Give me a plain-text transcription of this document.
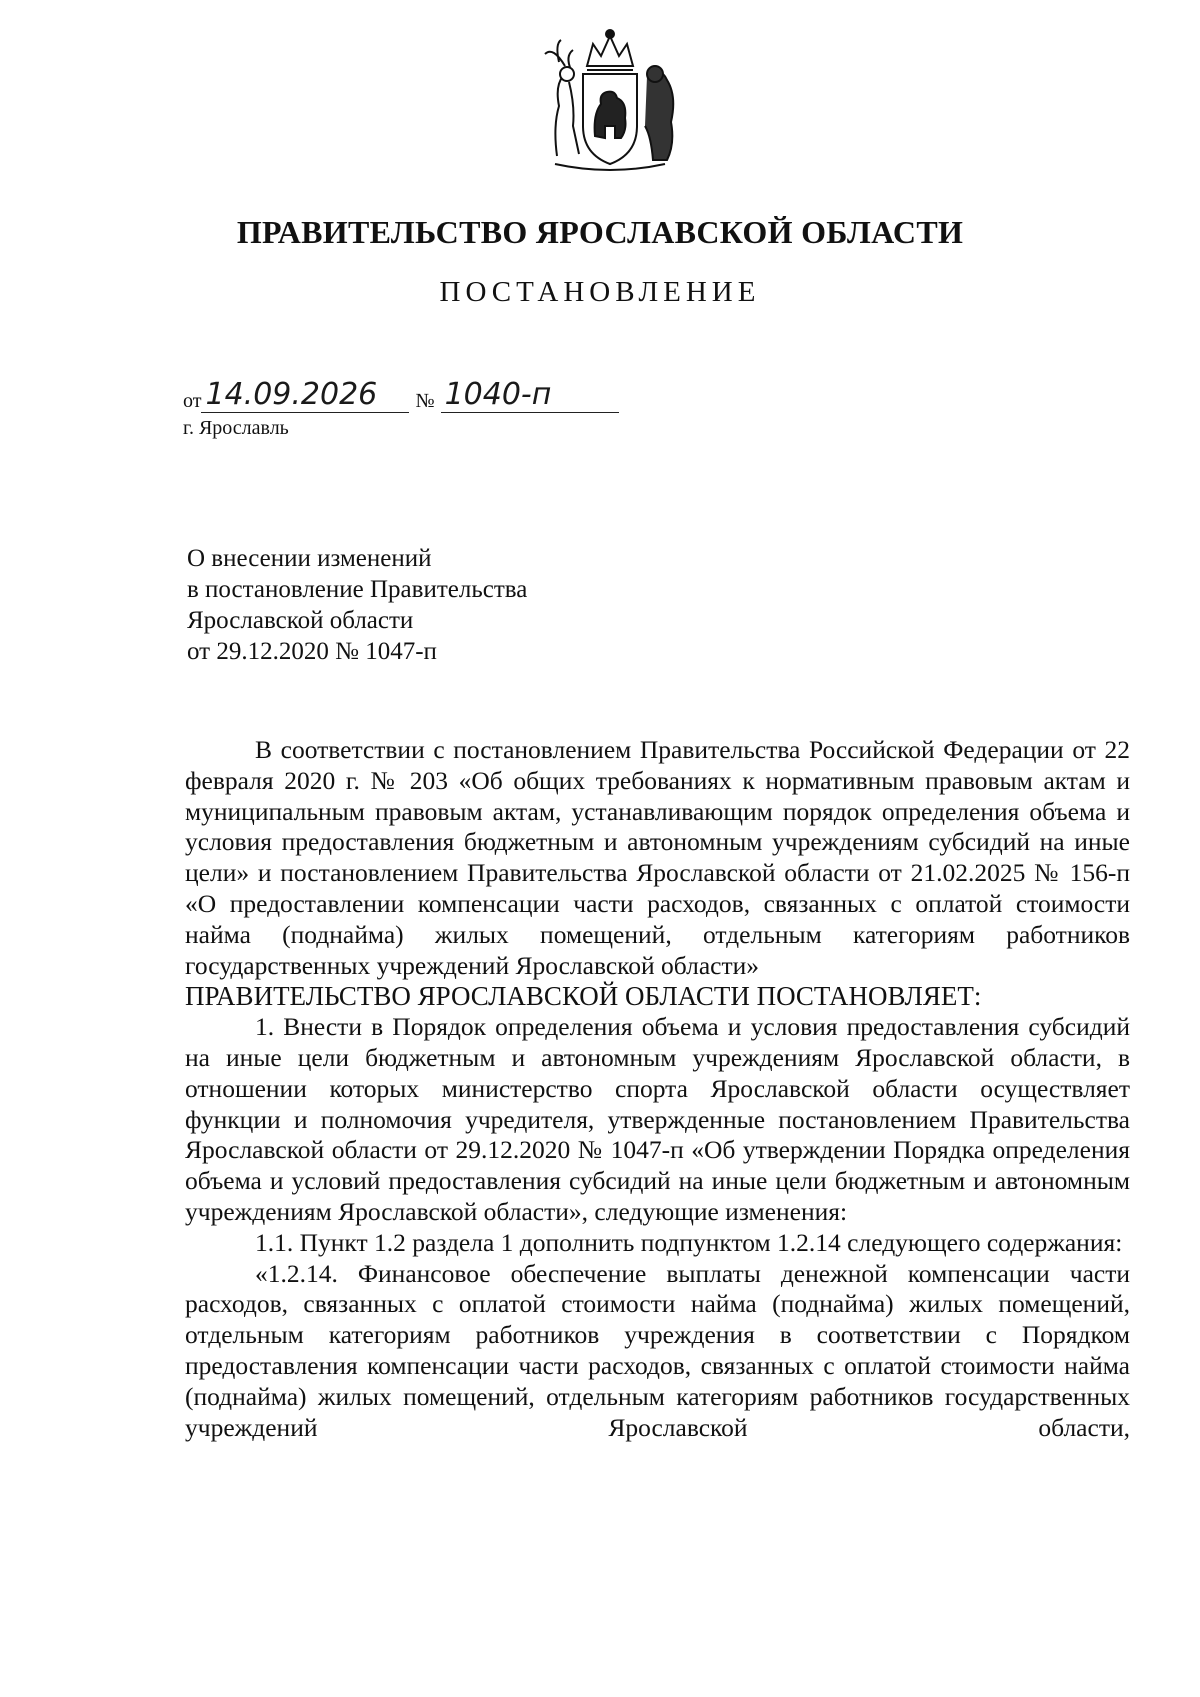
ПРАВИТЕЛЬСТВО ЯРОСЛАВСКОЙ ОБЛАСТИ
ПОСТАНОВЛЕНИЕ
от 14.09.2026	№ 1040-п
г. Ярославль
О внесении изменений
в постановление Правительства
Ярославской области
от 29.12.2020 № 1047-п

В соответствии с постановлением Правительства Российской Федерации от 22 февраля 2020 г. № 203 «Об общих требованиях к нормативным правовым актам и муниципальным правовым актам, устанавливающим порядок определения объема и условия предоставления бюджетным и автономным учреждениям субсидий на иные цели» и постановлением Правительства Ярославской области от 21.02.2025 № 156-п «О предоставлении компенсации части расходов, связанных с оплатой стоимости найма (поднайма) жилых помещений, отдельным категориям работников государственных учреждений Ярославской области»

ПРАВИТЕЛЬСТВО ЯРОСЛАВСКОЙ ОБЛАСТИ ПОСТАНОВЛЯЕТ:

1. Внести в Порядок определения объема и условия предоставления субсидий на иные цели бюджетным и автономным учреждениям Ярославской области, в отношении которых министерство спорта Ярославской области осуществляет функции и полномочия учредителя, утвержденные постановлением Правительства Ярославской области от 29.12.2020 № 1047-п «Об утверждении Порядка определения объема и условий предоставления субсидий на иные цели бюджетным и автономным учреждениям Ярославской области», следующие изменения:

1.1. Пункт 1.2 раздела 1 дополнить подпунктом 1.2.14 следующего содержания:

«1.2.14. Финансовое обеспечение выплаты денежной компенсации части расходов, связанных с оплатой стоимости найма (поднайма) жилых помещений, отдельным категориям работников учреждения в соответствии с Порядком предоставления компенсации части расходов, связанных с оплатой стоимости найма (поднайма) жилых помещений, отдельным категориям работников государственных учреждений Ярославской области,
